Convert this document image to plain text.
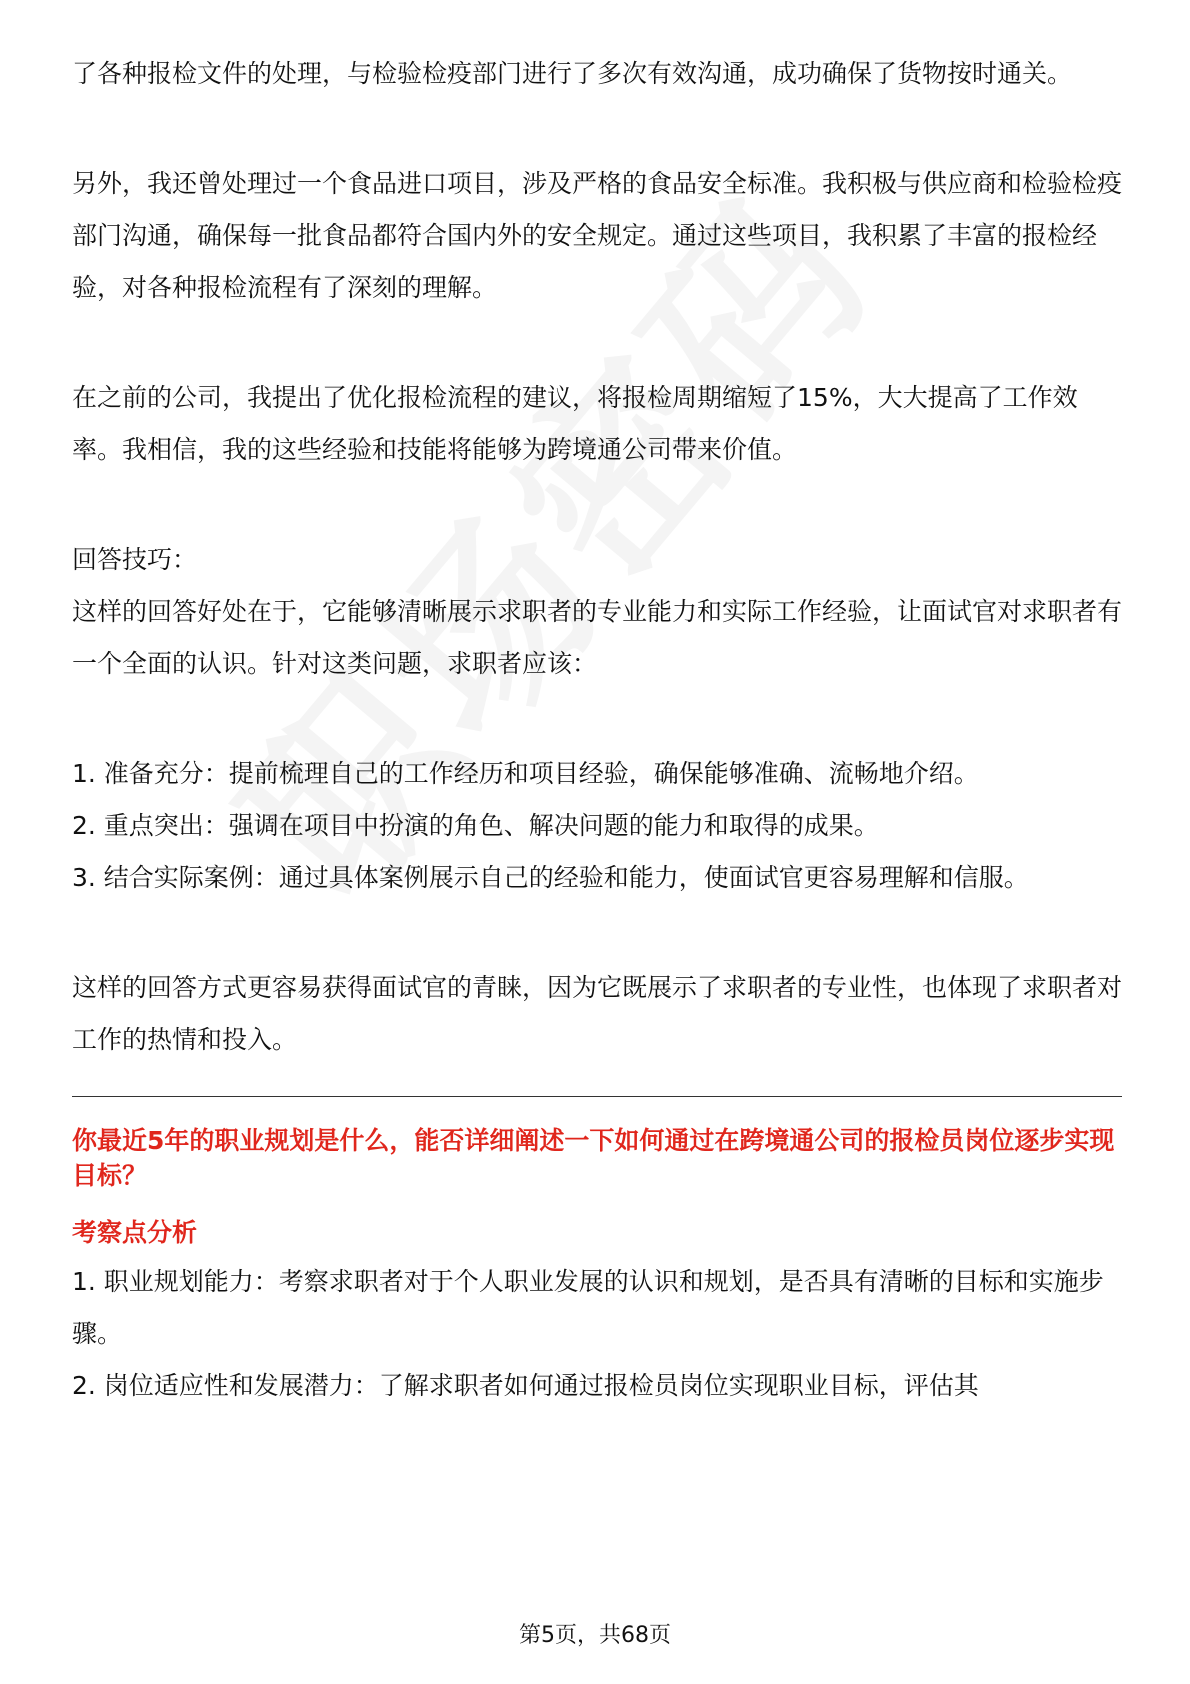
了各种报检文件的处理，与检验检疫部门进行了多次有效沟通，成功确保了货物按时通关。

另外，我还曾处理过一个食品进口项目，涉及严格的食品安全标准。我积极与供应商和检验检疫部门沟通，确保每一批食品都符合国内外的安全规定。通过这些项目，我积累了丰富的报检经验，对各种报检流程有了深刻的理解。

在之前的公司，我提出了优化报检流程的建议，将报检周期缩短了15%，大大提高了工作效率。我相信，我的这些经验和技能将能够为跨境通公司带来价值。

回答技巧：

这样的回答好处在于，它能够清晰展示求职者的专业能力和实际工作经验，让面试官对求职者有一个全面的认识。针对这类问题，求职者应该：

1. 准备充分：提前梳理自己的工作经历和项目经验，确保能够准确、流畅地介绍。

2. 重点突出：强调在项目中扮演的角色、解决问题的能力和取得的成果。

3. 结合实际案例：通过具体案例展示自己的经验和能力，使面试官更容易理解和信服。

这样的回答方式更容易获得面试官的青睐，因为它既展示了求职者的专业性，也体现了求职者对工作的热情和投入。

你最近5年的职业规划是什么，能否详细阐述一下如何通过在跨境通公司的报检员岗位逐步实现目标？

考察点分析

1. 职业规划能力：考察求职者对于个人职业发展的认识和规划，是否具有清晰的目标和实施步骤。

2. 岗位适应性和发展潜力：了解求职者如何通过报检员岗位实现职业目标，评估其

第5页，共68页
